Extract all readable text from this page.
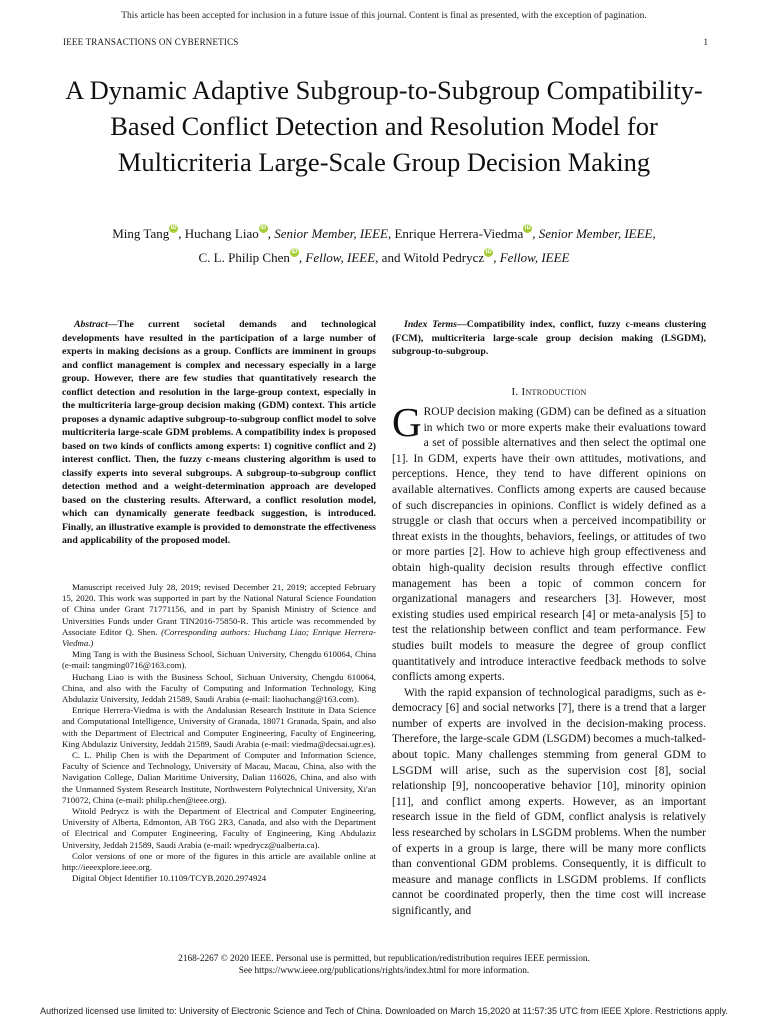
This article has been accepted for inclusion in a future issue of this journal. Content is final as presented, with the exception of pagination.
IEEE TRANSACTIONS ON CYBERNETICS	1
A Dynamic Adaptive Subgroup-to-Subgroup Compatibility-Based Conflict Detection and Resolution Model for Multicriteria Large-Scale Group Decision Making
Ming Tang iD , Huchang Liao iD , Senior Member, IEEE, Enrique Herrera-Viedma iD , Senior Member, IEEE,
C. L. Philip Chen iD , Fellow, IEEE, and Witold Pedrycz iD , Fellow, IEEE
Abstract—The current societal demands and technological developments have resulted in the participation of a large number of experts in making decisions as a group. Conflicts are imminent in groups and conflict management is complex and necessary especially in a large group. However, there are few studies that quantitatively research the conflict detection and resolution in the large-group context, especially in the multicriteria large-group decision making (GDM) context. This article proposes a dynamic adaptive subgroup-to-subgroup conflict model to solve multicriteria large-scale GDM problems. A compatibility index is proposed based on two kinds of conflicts among experts: 1) cognitive conflict and 2) interest conflict. Then, the fuzzy c-means clustering algorithm is used to classify experts into several subgroups. A subgroup-to-subgroup conflict detection method and a weight-determination approach are developed based on the clustering results. Afterward, a conflict resolution model, which can dynamically generate feedback suggestion, is introduced. Finally, an illustrative example is provided to demonstrate the effectiveness and applicability of the proposed model.
Index Terms—Compatibility index, conflict, fuzzy c-means clustering (FCM), multicriteria large-scale group decision making (LSGDM), subgroup-to-subgroup.
I. Introduction

GROUP decision making (GDM) can be defined as a situation in which two or more experts make their evaluations toward a set of possible alternatives and then select the optimal one [1]. In GDM, experts have their own attitudes, motivations, and perceptions. Hence, they tend to have different opinions on available alternatives. Conflicts among experts are caused because of such discrepancies in opinions. Conflict is widely defined as a struggle or clash that occurs when a perceived incompatibility or threat exists in the thoughts, behaviors, feelings, or attitudes of two or more parties [2]. How to achieve high group effectiveness and obtain high-quality decision results through effective conflict management has been a topic of common concern for organizational managers and researchers [3]. However, most existing studies used empirical research [4] or meta-analysis [5] to test the relationship between conflict and team performance. Few studies built models to measure the degree of group conflict quantitatively and introduce interactive feedback methods to solve conflicts among experts.

With the rapid expansion of technological paradigms, such as e-democracy [6] and social networks [7], there is a trend that a larger number of experts are involved in the decision-making process. Therefore, the large-scale GDM (LSGDM) becomes a much-talked-about topic. Many challenges stemming from general GDM to LSGDM will arise, such as the supervision cost [8], social relationship [9], noncooperative behavior [10], minority opinion [11], and conflict among experts. However, as an important research issue in the field of GDM, conflict analysis is relatively less researched by scholars in LSGDM problems. When the number of experts in a group is large, there will be many more conflicts than conventional GDM problems. Consequently, it is difficult to measure and manage conflicts in LSGDM problems. If conflicts cannot be coordinated properly, then the time cost will increase significantly, and

Manuscript received July 28, 2019; revised December 21, 2019; accepted February 15, 2020. This work was supported in part by the National Natural Science Foundation of China under Grant 71771156, and in part by Spanish Ministry of Science and Universities Funds under Grant TIN2016-75850-R. This article was recommended by Associate Editor Q. Shen. (Corresponding authors: Huchang Liao; Enrique Herrera-Viedma.)

Ming Tang is with the Business School, Sichuan University, Chengdu 610064, China (e-mail: tangming0716@163.com).

Huchang Liao is with the Business School, Sichuan University, Chengdu 610064, China, and also with the Faculty of Computing and Information Technology, King Abdulaziz University, Jeddah 21589, Saudi Arabia (e-mail: liaohuchang@163.com).

Enrique Herrera-Viedma is with the Andalusian Research Institute in Data Science and Computational Intelligence, University of Granada, 18071 Granada, Spain, and also with the Department of Electrical and Computer Engineering, Faculty of Engineering, King Abdulaziz University, Jeddah 21589, Saudi Arabia (e-mail: viedma@decsai.ugr.es).

C. L. Philip Chen is with the Department of Computer and Information Science, Faculty of Science and Technology, University of Macau, Macau, China, also with the Navigation College, Dalian Maritime University, Dalian 116026, China, and also with the Unmanned System Research Institute, Northwestern Polytechnical University, Xi'an 710072, China (e-mail: philip.chen@ieee.org).

Witold Pedrycz is with the Department of Electrical and Computer Engineering, University of Alberta, Edmonton, AB T6G 2R3, Canada, and also with the Department of Electrical and Computer Engineering, Faculty of Engineering, King Abdulaziz University, Jeddah 21589, Saudi Arabia (e-mail: wpedrycz@ualberta.ca).

Color versions of one or more of the figures in this article are available online at http://ieeexplore.ieee.org.

Digital Object Identifier 10.1109/TCYB.2020.2974924

2168-2267 © 2020 IEEE. Personal use is permitted, but republication/redistribution requires IEEE permission.
See https://www.ieee.org/publications/rights/index.html for more information.
Authorized licensed use limited to: University of Electronic Science and Tech of China. Downloaded on March 15,2020 at 11:57:35 UTC from IEEE Xplore. Restrictions apply.
